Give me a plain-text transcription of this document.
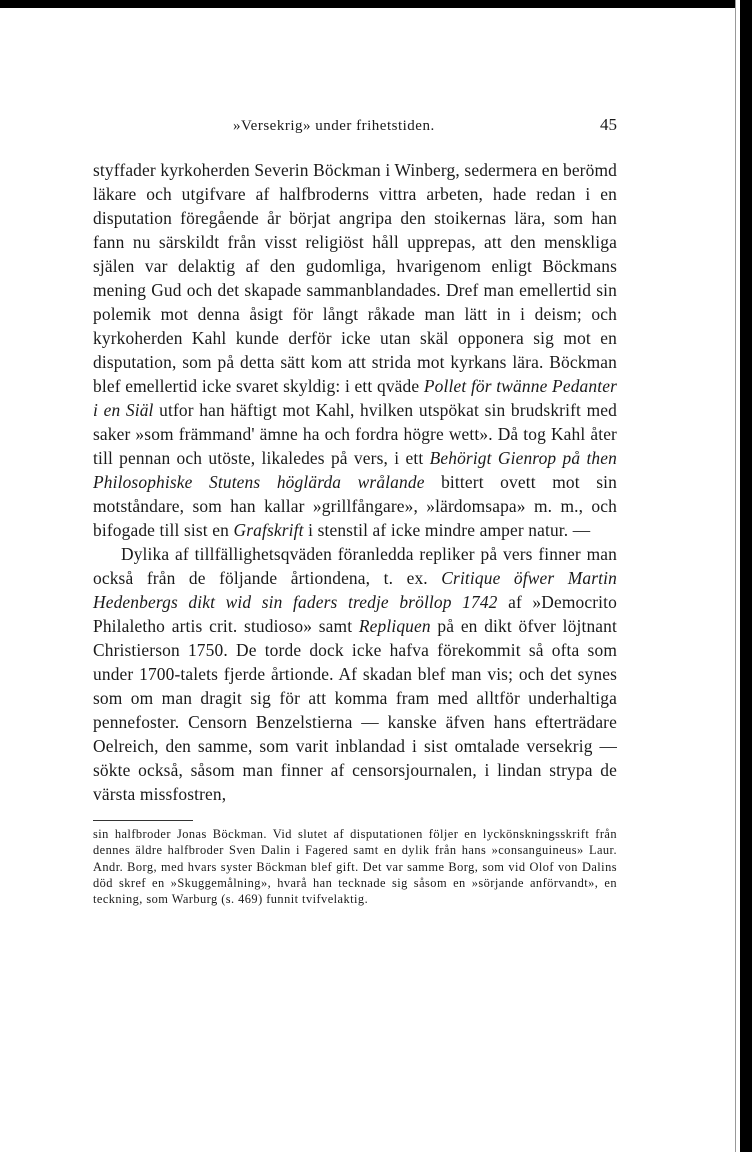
»Versekrig» under frihetstiden.	45

styffader kyrkoherden Severin Böckman i Winberg, sedermera en berömd läkare och utgifvare af halfbroderns vittra arbeten, hade redan i en disputation föregående år börjat angripa den stoikernas lära, som han fann nu särskildt från visst religiöst håll upprepas, att den menskliga själen var delaktig af den gudomliga, hvarigenom enligt Böckmans mening Gud och det skapade sammanblandades. Dref man emellertid sin polemik mot denna åsigt för långt råkade man lätt in i deism; och kyrkoherden Kahl kunde derför icke utan skäl opponera sig mot en disputation, som på detta sätt kom att strida mot kyrkans lära. Böckman blef emellertid icke svaret skyldig: i ett qväde Pollet för twänne Pedanter i en Siäl utfor han häftigt mot Kahl, hvilken utspökat sin brudskrift med saker »som främmand' ämne ha och fordra högre wett». Då tog Kahl åter till pennan och utöste, likaledes på vers, i ett Behörigt Gienrop på then Philosophiske Stutens höglärda wrålande bittert ovett mot sin motståndare, som han kallar »grillfångare», »lärdomsapa» m. m., och bifogade till sist en Grafskrift i stenstil af icke mindre amper natur. —

Dylika af tillfällighetsqväden föranledda repliker på vers finner man också från de följande årtiondena, t. ex. Critique öfwer Martin Hedenbergs dikt wid sin faders tredje bröllop 1742 af »Democrito Philaletho artis crit. studioso» samt Repliquen på en dikt öfver löjtnant Christierson 1750. De torde dock icke hafva förekommit så ofta som under 1700-talets fjerde årtionde. Af skadan blef man vis; och det synes som om man dragit sig för att komma fram med alltför underhaltiga pennefoster. Censorn Benzelstierna — kanske äfven hans efterträdare Oelreich, den samme, som varit inblandad i sist omtalade versekrig — sökte också, såsom man finner af censorsjournalen, i lindan strypa de värsta missfostren,

sin halfbroder Jonas Böckman. Vid slutet af disputationen följer en lyckönskningsskrift från dennes äldre halfbroder Sven Dalin i Fagered samt en dylik från hans »consanguineus» Laur. Andr. Borg, med hvars syster Böckman blef gift. Det var samme Borg, som vid Olof von Dalins död skref en »Skuggemålning», hvarå han tecknade sig såsom en »sörjande anförvandt», en teckning, som Warburg (s. 469) funnit tvifvelaktig.
